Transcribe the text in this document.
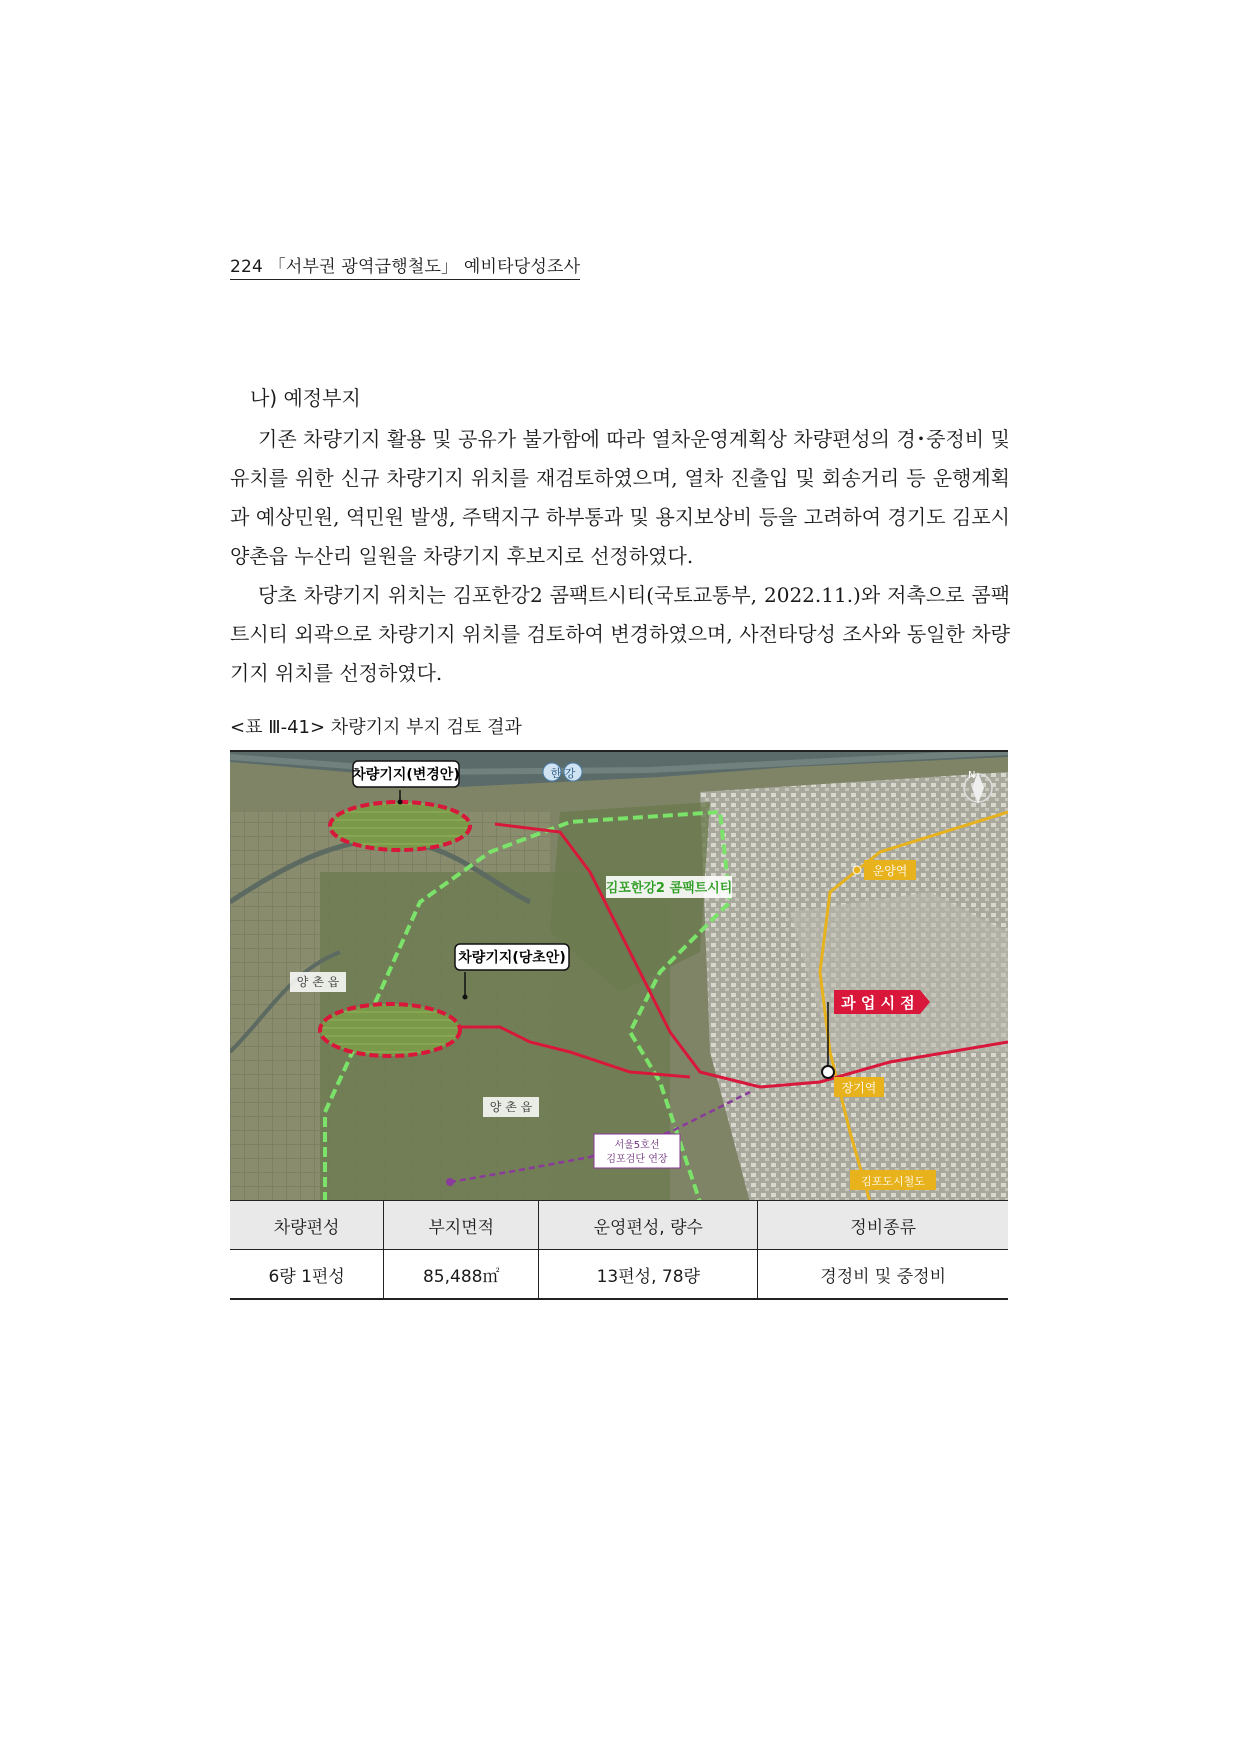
224 「서부권 광역급행철도」 예비타당성조사
나) 예정부지
기존 차량기지 활용 및 공유가 불가함에 따라 열차운영계획상 차량편성의 경･중정비 및 유치를 위한 신규 차량기지 위치를 재검토하였으며, 열차 진출입 및 회송거리 등 운행계획과 예상민원, 역민원 발생, 주택지구 하부통과 및 용지보상비 등을 고려하여 경기도 김포시 양촌읍 누산리 일원을 차량기지 후보지로 선정하였다.
당초 차량기지 위치는 김포한강2 콤팩트시티(국토교통부, 2022.11.)와 저촉으로 콤팩트시티 외곽으로 차량기지 위치를 검토하여 변경하였으며, 사전타당성 조사와 동일한 차량기지 위치를 선정하였다.
<표 Ⅲ-41> 차량기지 부지 검토 결과
차량기지(변경안)	한 강	N
김포한강2 콤팩트시티
양 촌 읍
차량기지(당초안)
양 촌 읍
서울5호선
김포검단 연장
운양역
과 업 시 점
장기역
김포도시철도
차량편성	부지면적	운영편성, 량수	정비종류
6량 1편성	85,488㎡	13편성, 78량	경정비 및 중정비
